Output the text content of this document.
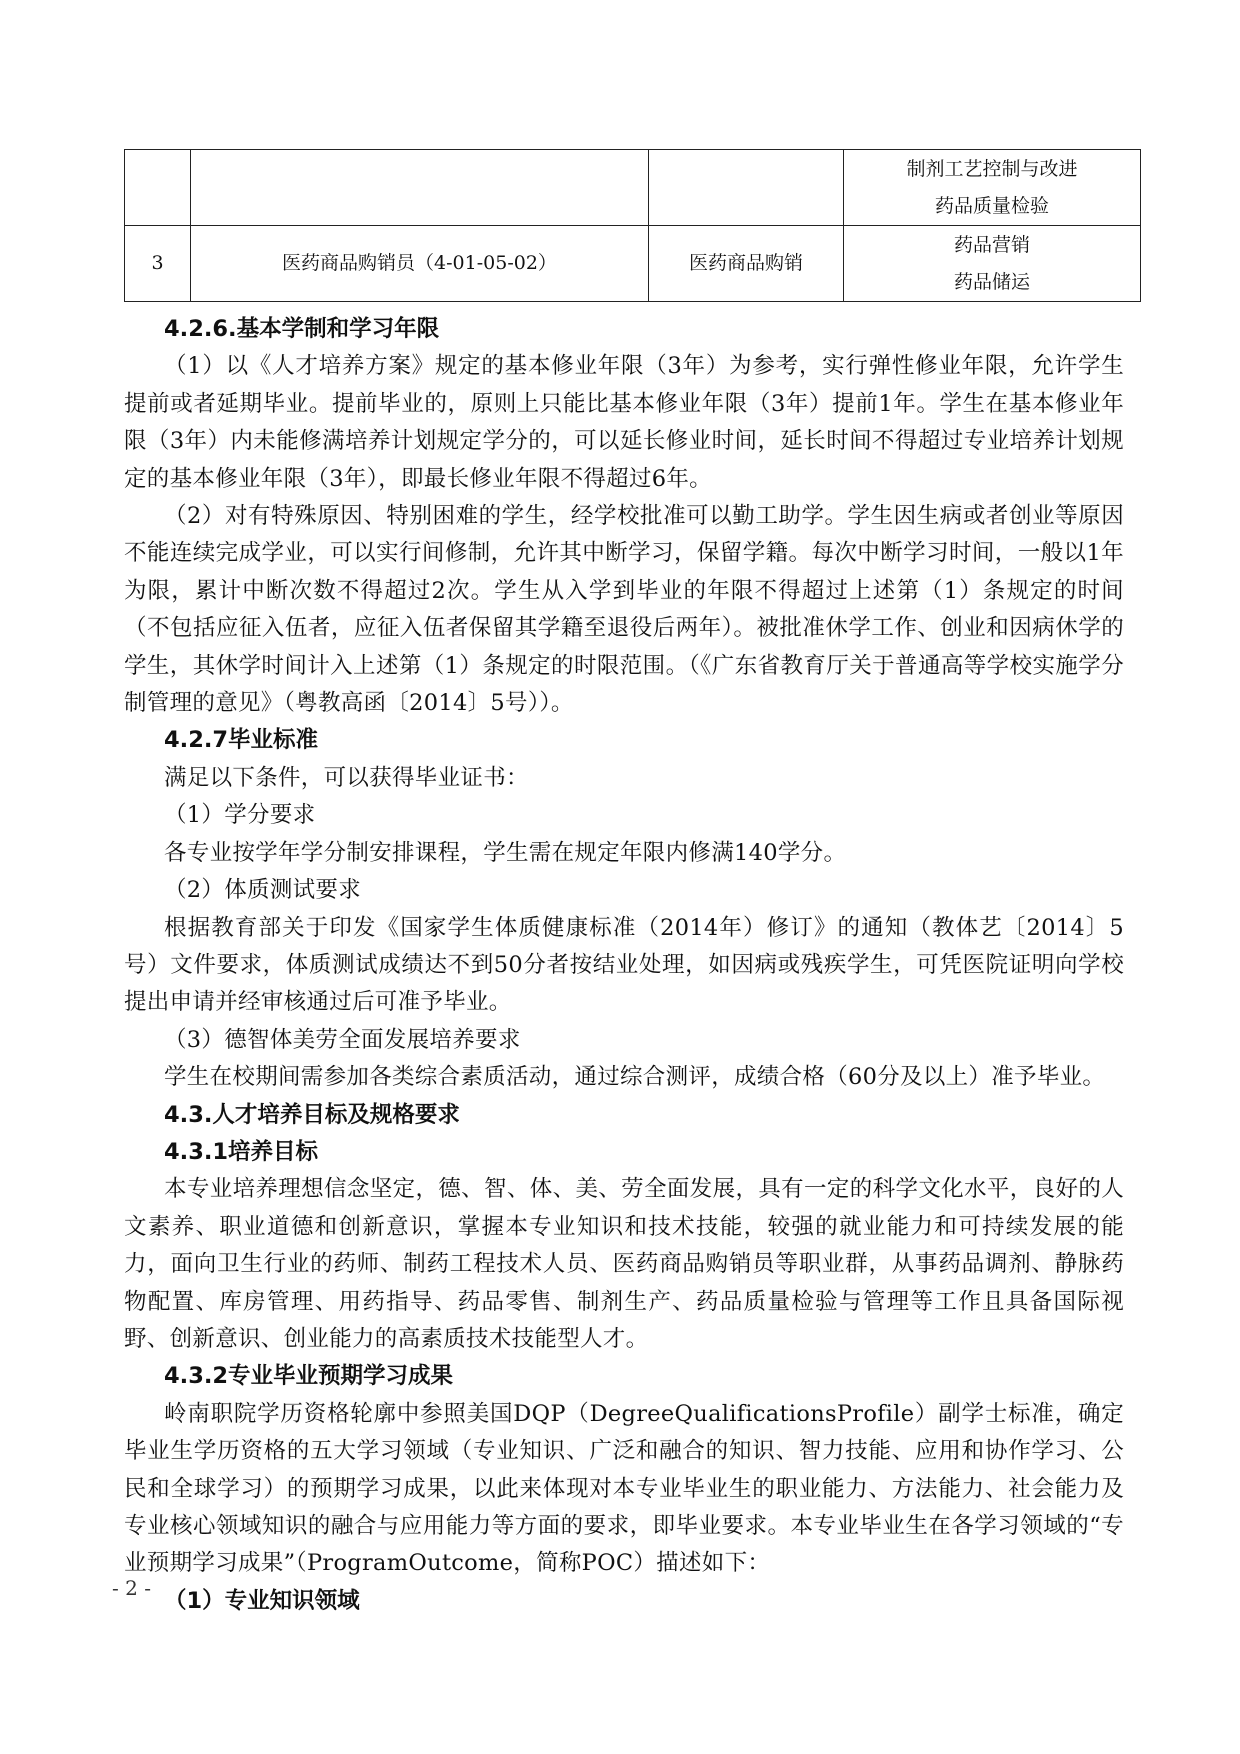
			制剂工艺控制与改进
药品质量检验

3	医药商品购销员（4-01-05-02）	医药商品购销	药品营销
药品储运
4.2.6.基本学制和学习年限

（1）以《人才培养方案》规定的基本修业年限（3年）为参考，实行弹性修业年限，允许学生提前或者延期毕业。提前毕业的，原则上只能比基本修业年限（3年）提前1年。学生在基本修业年限（3年）内未能修满培养计划规定学分的，可以延长修业时间，延长时间不得超过专业培养计划规定的基本修业年限（3年），即最长修业年限不得超过6年。

（2）对有特殊原因、特别困难的学生，经学校批准可以勤工助学。学生因生病或者创业等原因不能连续完成学业，可以实行间修制，允许其中断学习，保留学籍。每次中断学习时间，一般以1年为限，累计中断次数不得超过2次。学生从入学到毕业的年限不得超过上述第（1）条规定的时间（不包括应征入伍者，应征入伍者保留其学籍至退役后两年）。被批准休学工作、创业和因病休学的学生，其休学时间计入上述第（1）条规定的时限范围。（《广东省教育厅关于普通高等学校实施学分制管理的意见》（粤教高函〔2014〕5号））。

4.2.7毕业标准

满足以下条件，可以获得毕业证书：

（1）学分要求

各专业按学年学分制安排课程，学生需在规定年限内修满140学分。

（2）体质测试要求

根据教育部关于印发《国家学生体质健康标准（2014年）修订》的通知（教体艺〔2014〕5号）文件要求，体质测试成绩达不到50分者按结业处理，如因病或残疾学生，可凭医院证明向学校提出申请并经审核通过后可准予毕业。

（3）德智体美劳全面发展培养要求

学生在校期间需参加各类综合素质活动，通过综合测评，成绩合格（60分及以上）准予毕业。

4.3.人才培养目标及规格要求
4.3.1培养目标

本专业培养理想信念坚定，德、智、体、美、劳全面发展，具有一定的科学文化水平，良好的人文素养、职业道德和创新意识，掌握本专业知识和技术技能，较强的就业能力和可持续发展的能力，面向卫生行业的药师、制药工程技术人员、医药商品购销员等职业群，从事药品调剂、静脉药物配置、库房管理、用药指导、药品零售、制剂生产、药品质量检验与管理等工作且具备国际视野、创新意识、创业能力的高素质技术技能型人才。

4.3.2专业毕业预期学习成果

岭南职院学历资格轮廓中参照美国DQP（DegreeQualificationsProfile）副学士标准，确定毕业生学历资格的五大学习领域（专业知识、广泛和融合的知识、智力技能、应用和协作学习、公民和全球学习）的预期学习成果，以此来体现对本专业毕业生的职业能力、方法能力、社会能力及专业核心领域知识的融合与应用能力等方面的要求，即毕业要求。本专业毕业生在各学习领域的“专业预期学习成果”（ProgramOutcome，简称POC）描述如下：

（1）专业知识领域
- 2 -
